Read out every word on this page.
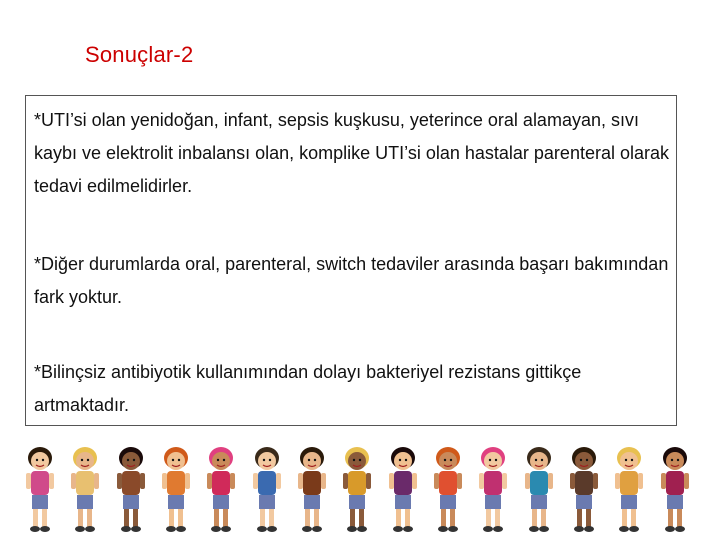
Sonuçlar-2

*UTI’si olan yenidoğan, infant, sepsis kuşkusu, yeterince oral alamayan, sıvı kaybı ve elektrolit inbalansı olan, komplike UTI’si olan hastalar parenteral olarak tedavi edilmelidirler.

*Diğer durumlarda oral, parenteral, switch tedaviler arasında başarı bakımından fark yoktur.

*Bilinçsiz antibiyotik kullanımından dolayı bakteriyel rezistans gittikçe artmaktadır.
